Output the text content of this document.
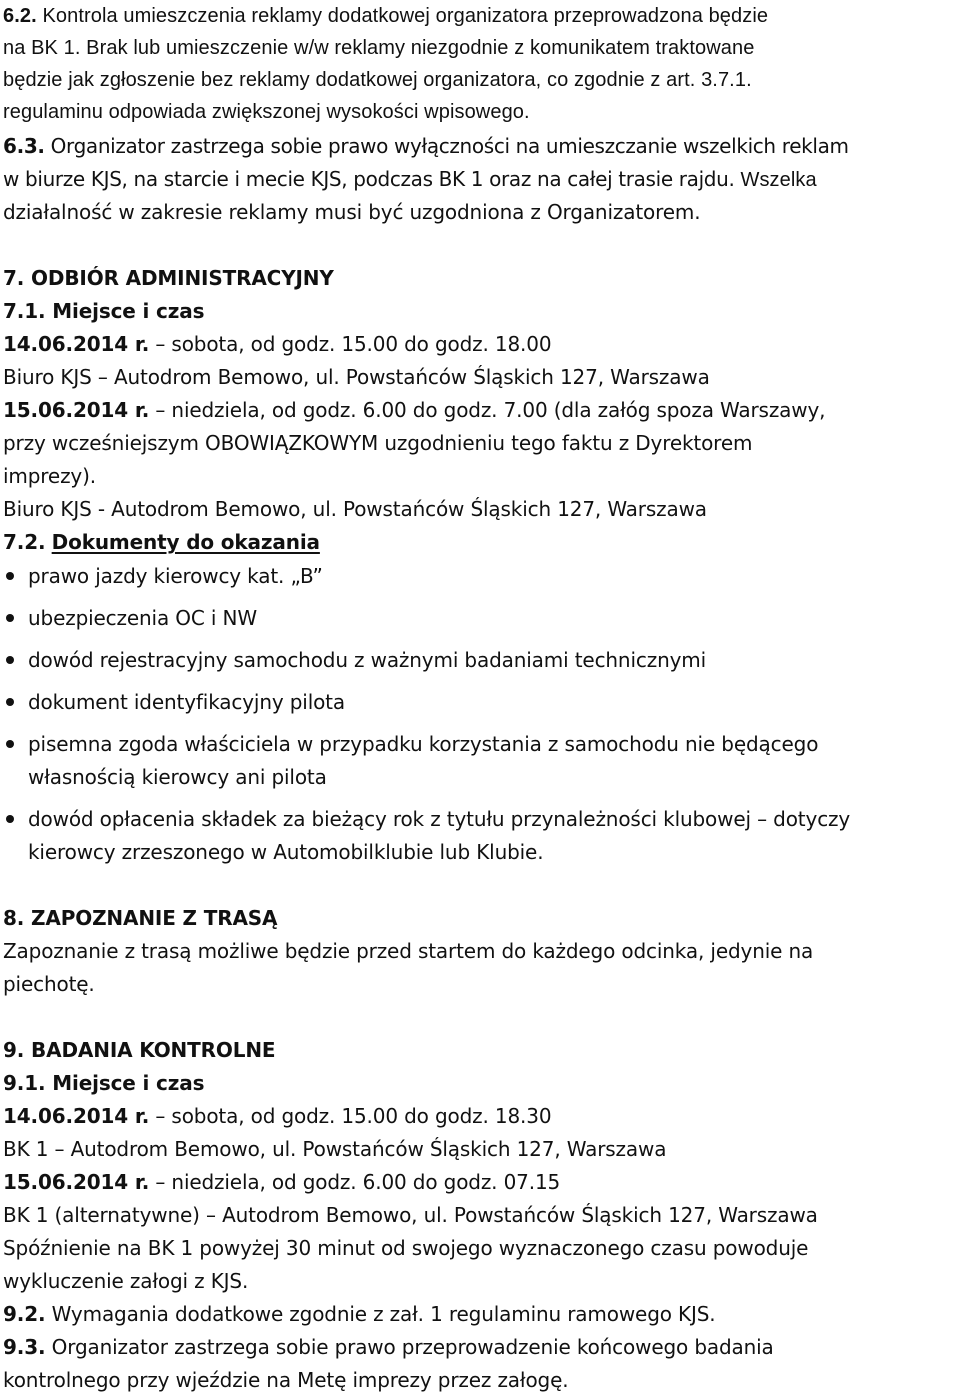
6.2. Kontrola umieszczenia reklamy dodatkowej organizatora przeprowadzona będzie
na BK 1. Brak lub umieszczenie w/w reklamy niezgodnie z komunikatem traktowane
będzie jak zgłoszenie bez reklamy dodatkowej organizatora, co zgodnie z art. 3.7.1.
regulaminu odpowiada zwiększonej wysokości wpisowego.
6.3. Organizator zastrzega sobie prawo wyłączności na umieszczanie wszelkich reklam
w biurze KJS, na starcie i mecie KJS, podczas BK 1 oraz na całej trasie rajdu. Wszelka
działalność w zakresie reklamy musi być uzgodniona z Organizatorem.
7. ODBIÓR ADMINISTRACYJNY
7.1. Miejsce i czas
14.06.2014 r. – sobota, od godz. 15.00 do godz. 18.00
Biuro KJS – Autodrom Bemowo, ul. Powstańców Śląskich 127, Warszawa
15.06.2014 r. – niedziela, od godz. 6.00 do godz. 7.00 (dla załóg spoza Warszawy,
przy wcześniejszym OBOWIĄZKOWYM uzgodnieniu tego faktu z Dyrektorem
imprezy).
Biuro KJS - Autodrom Bemowo, ul. Powstańców Śląskich 127, Warszawa
7.2. Dokumenty do okazania
prawo jazdy kierowcy kat. „B”
ubezpieczenia OC i NW
dowód rejestracyjny samochodu z ważnymi badaniami technicznymi
dokument identyfikacyjny pilota
pisemna zgoda właściciela w przypadku korzystania z samochodu nie będącego
własnością kierowcy ani pilota
dowód opłacenia składek za bieżący rok z tytułu przynależności klubowej – dotyczy
kierowcy zrzeszonego w Automobilklubie lub Klubie.
8. ZAPOZNANIE Z TRASĄ
Zapoznanie z trasą możliwe będzie przed startem do każdego odcinka, jedynie na
piechotę.
9. BADANIA KONTROLNE
9.1. Miejsce i czas
14.06.2014 r. – sobota, od godz. 15.00 do godz. 18.30
BK 1 – Autodrom Bemowo, ul. Powstańców Śląskich 127, Warszawa
15.06.2014 r. – niedziela, od godz. 6.00 do godz. 07.15
BK 1 (alternatywne) – Autodrom Bemowo, ul. Powstańców Śląskich 127, Warszawa
Spóźnienie na BK 1 powyżej 30 minut od swojego wyznaczonego czasu powoduje
wykluczenie załogi z KJS.
9.2. Wymagania dodatkowe zgodnie z zał. 1 regulaminu ramowego KJS.
9.3. Organizator zastrzega sobie prawo przeprowadzenie końcowego badania
kontrolnego przy wjeździe na Metę imprezy przez załogę.
